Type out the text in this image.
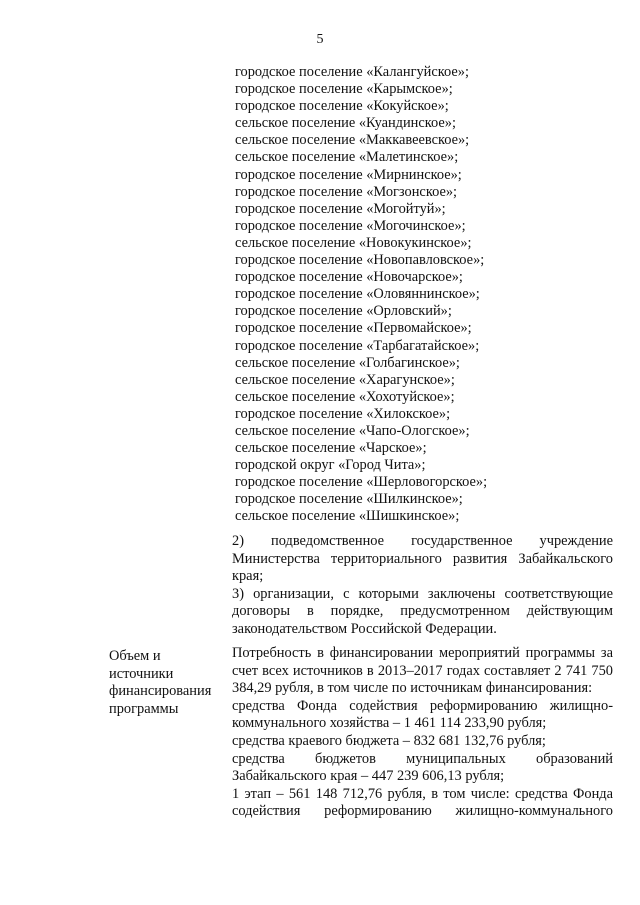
5
городское поселение «Калангуйское»;
городское поселение «Карымское»;
городское поселение «Кокуйское»;
сельское поселение «Куандинское»;
сельское поселение «Маккавеевское»;
сельское поселение «Малетинское»;
городское поселение «Мирнинское»;
городское поселение «Могзонское»;
городское поселение «Могойтуй»;
городское поселение «Могочинское»;
сельское поселение «Новокукинское»;
городское поселение «Новопавловское»;
городское поселение «Новочарское»;
городское поселение «Оловяннинское»;
городское поселение «Орловский»;
городское поселение «Первомайское»;
городское поселение «Тарбагатайское»;
сельское поселение «Голбагинское»;
сельское поселение «Харагунское»;
сельское поселение «Хохотуйское»;
городское поселение «Хилокское»;
сельское поселение «Чапо-Ологское»;
сельское поселение «Чарское»;
городской округ «Город Чита»;
городское поселение «Шерловогорское»;
городское поселение «Шилкинское»;
сельское поселение «Шишкинское»;
2) подведомственное государственное учреждение Министерства территориального развития Забайкальского края;
3) организации, с которыми заключены соответствующие договоры в порядке, предусмотренном действующим законодательством Российской Федерации.
Объем и
источники
финансирования
программы

Потребность в финансировании мероприятий программы за счет всех источников в 2013–2017 годах составляет 2 741 750 384,29 рубля, в том числе по источникам финансирования:

средства Фонда содействия реформированию жилищно-коммунального хозяйства – 1 461 114 233,90 рубля;

средства краевого бюджета – 832 681 132,76 рубля;

средства бюджетов муниципальных образований Забайкальского края – 447 239 606,13 рубля;

1 этап – 561 148 712,76 рубля, в том числе: средства Фонда содействия реформированию жилищно-коммунального
